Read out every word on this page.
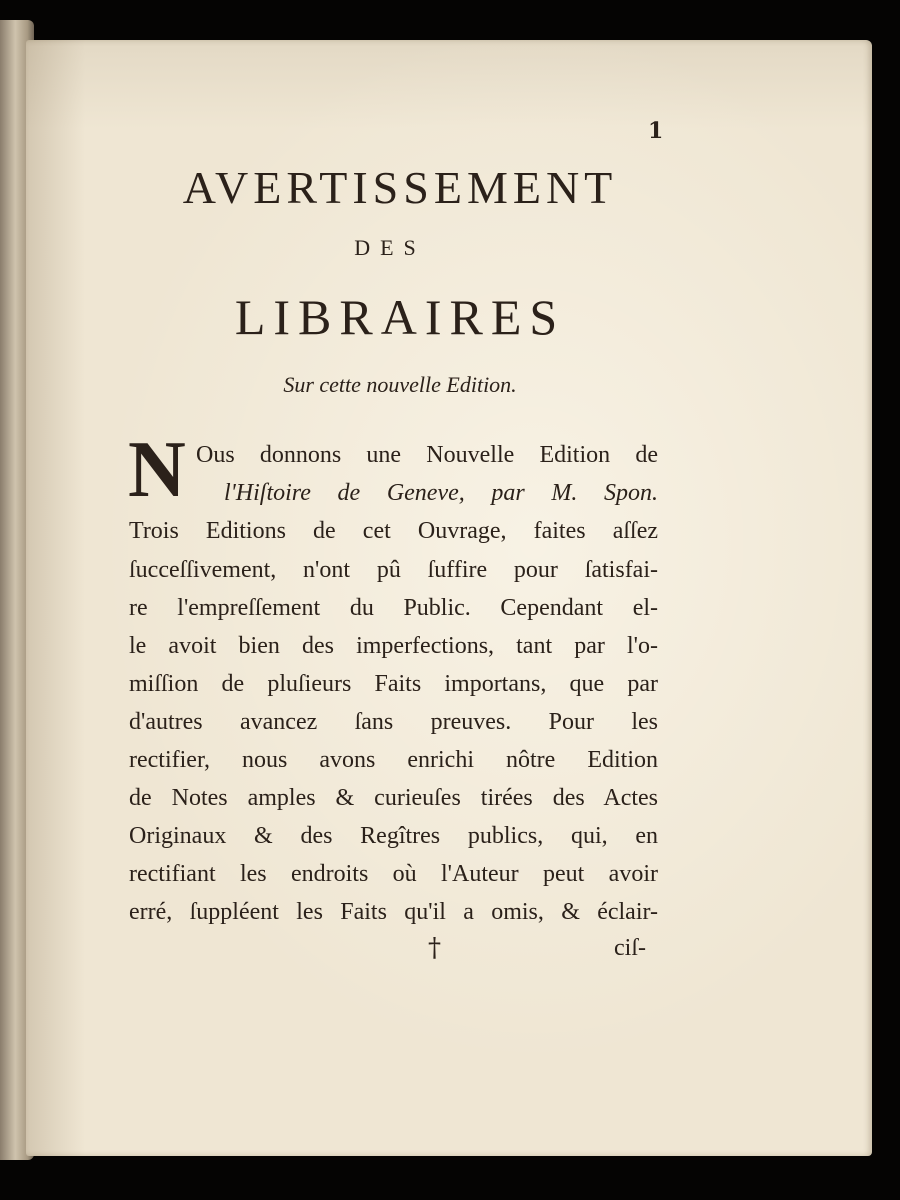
1
AVERTISSEMENT
DES
LIBRAIRES
Sur cette nouvelle Edition.
N Ous donnons une Nouvelle Edition de
l'Hiſtoire de Geneve, par M. Spon.
Trois Editions de cet Ouvrage, faites aſſez
ſucceſſivement, n'ont pû ſuffire pour ſatisfai-
re l'empreſſement du Public. Cependant el-
le avoit bien des imperfections, tant par l'o-
miſſion de pluſieurs Faits importans, que par
d'autres avancez ſans preuves. Pour les
rectifier, nous avons enrichi nôtre Edition
de Notes amples & curieuſes tirées des Actes
Originaux & des Regîtres publics, qui, en
rectifiant les endroits où l'Auteur peut avoir
erré, ſuppléent les Faits qu'il a omis, & éclair-
†	ciſ-
